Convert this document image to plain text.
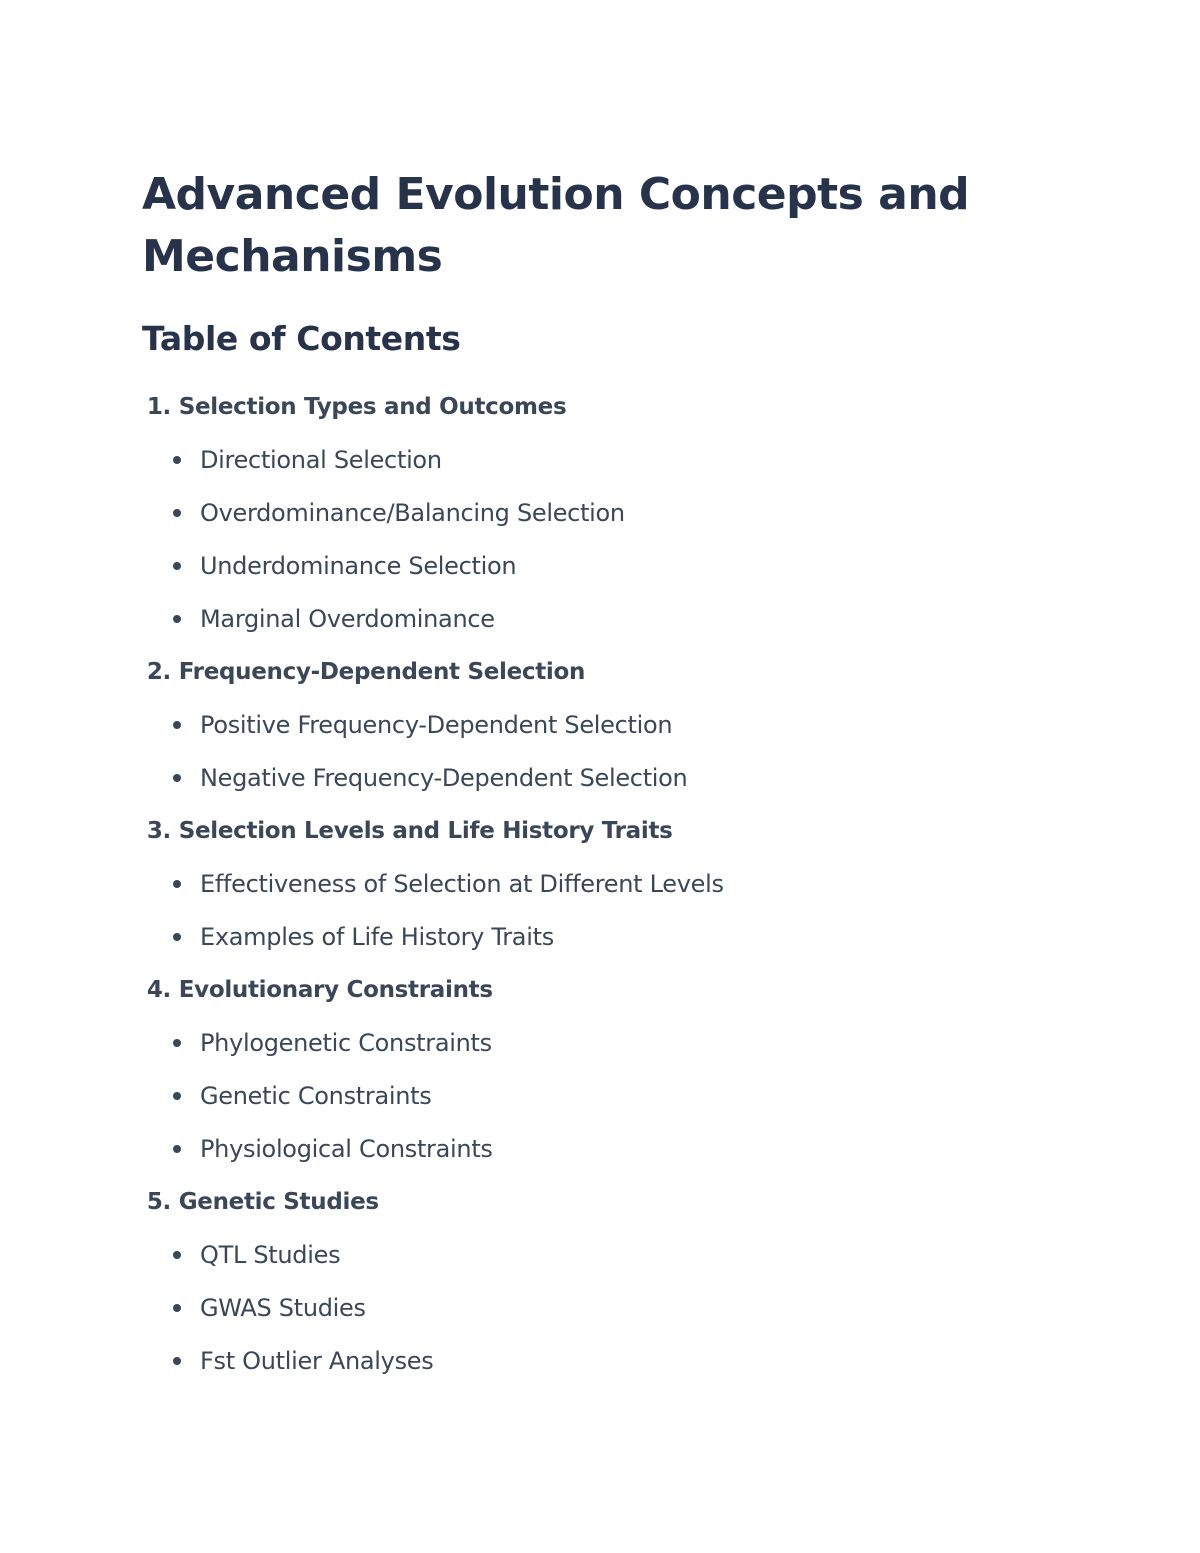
Advanced Evolution Concepts and Mechanisms
Table of Contents
1.
Selection Types and Outcomes
Directional Selection
Overdominance/Balancing Selection
Underdominance Selection
Marginal Overdominance
2.
Frequency-Dependent Selection
Positive Frequency-Dependent Selection
Negative Frequency-Dependent Selection
3.
Selection Levels and Life History Traits
Effectiveness of Selection at Different Levels
Examples of Life History Traits
4.
Evolutionary Constraints
Phylogenetic Constraints
Genetic Constraints
Physiological Constraints
5.
Genetic Studies
QTL Studies
GWAS Studies
Fst Outlier Analyses
